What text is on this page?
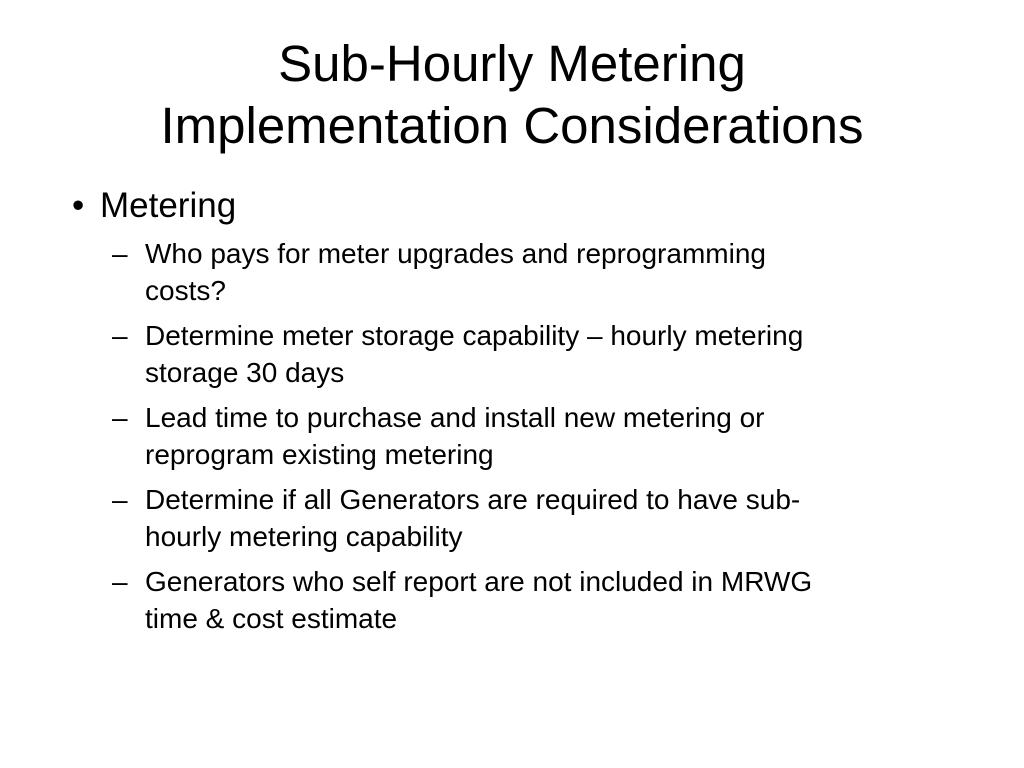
Sub-Hourly Metering
Implementation Considerations
• Metering
– Who pays for meter upgrades and reprogramming
costs?
– Determine meter storage capability – hourly metering
storage 30 days
– Lead time to purchase and install new metering or
reprogram existing metering
– Determine if all Generators are required to have sub-
hourly metering capability
– Generators who self report are not included in MRWG
time & cost estimate
